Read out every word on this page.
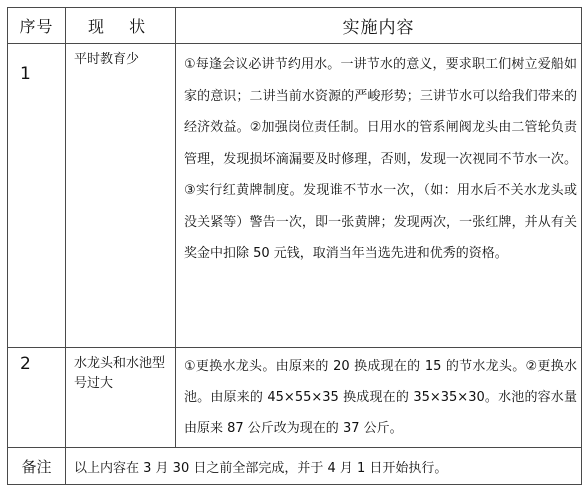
序号	现 状	实施内容
1	平时教育少	①每逢会议必讲节约用水。一讲节水的意义，要求职工们树立爱船如家的意识；二讲当前水资源的严峻形势；三讲节水可以给我们带来的经济效益。②加强岗位责任制。日用水的管系闸阀龙头由二管轮负责管理，发现损坏滴漏要及时修理，否则，发现一次视同不节水一次。③实行红黄牌制度。发现谁不节水一次，（如：用水后不关水龙头或没关紧等）警告一次，即一张黄牌；发现两次，一张红牌，并从有关奖金中扣除 50 元钱，取消当年当选先进和优秀的资格。
2	水龙头和水池型号过大	①更换水龙头。由原来的 20 换成现在的 15 的节水龙头。②更换水池。由原来的 45×55×35 换成现在的 35×35×30。水池的容水量由原来 87 公斤改为现在的 37 公斤。
备注	以上内容在 3 月 30 日之前全部完成，并于 4 月 1 日开始执行。	
